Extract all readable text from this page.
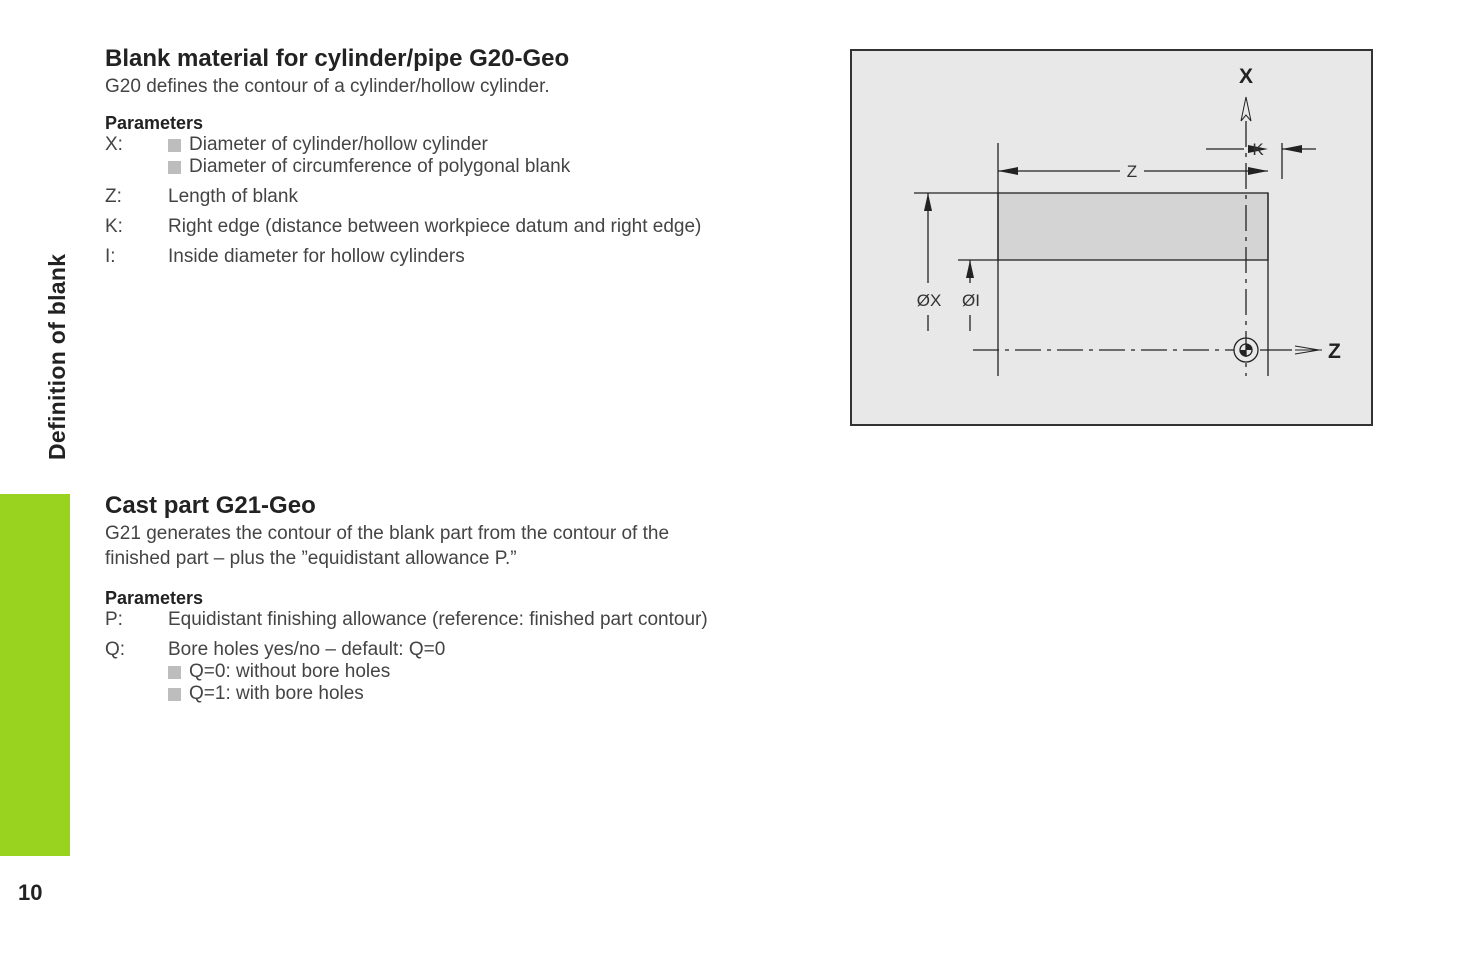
Definition of blank
10
Blank material for cylinder/pipe G20-Geo

G20 defines the contour of a cylinder/hollow cylinder.

Parameters
X:	Diameter of cylinder/hollow cylinder
Diameter of circumference of polygonal blank
Z:	Length of blank
K:	Right edge (distance between workpiece datum and right edge)
I:	Inside diameter for hollow cylinders
X
Z
Z
K
ØX ØI
Cast part G21-Geo

G21 generates the contour of the blank part from the contour of the

finished part – plus the ”equidistant allowance P.”

Parameters
P:	Equidistant finishing allowance (reference: finished part contour)
Q:	Bore holes yes/no – default: Q=0
Q=0: without bore holes
Q=1: with bore holes
